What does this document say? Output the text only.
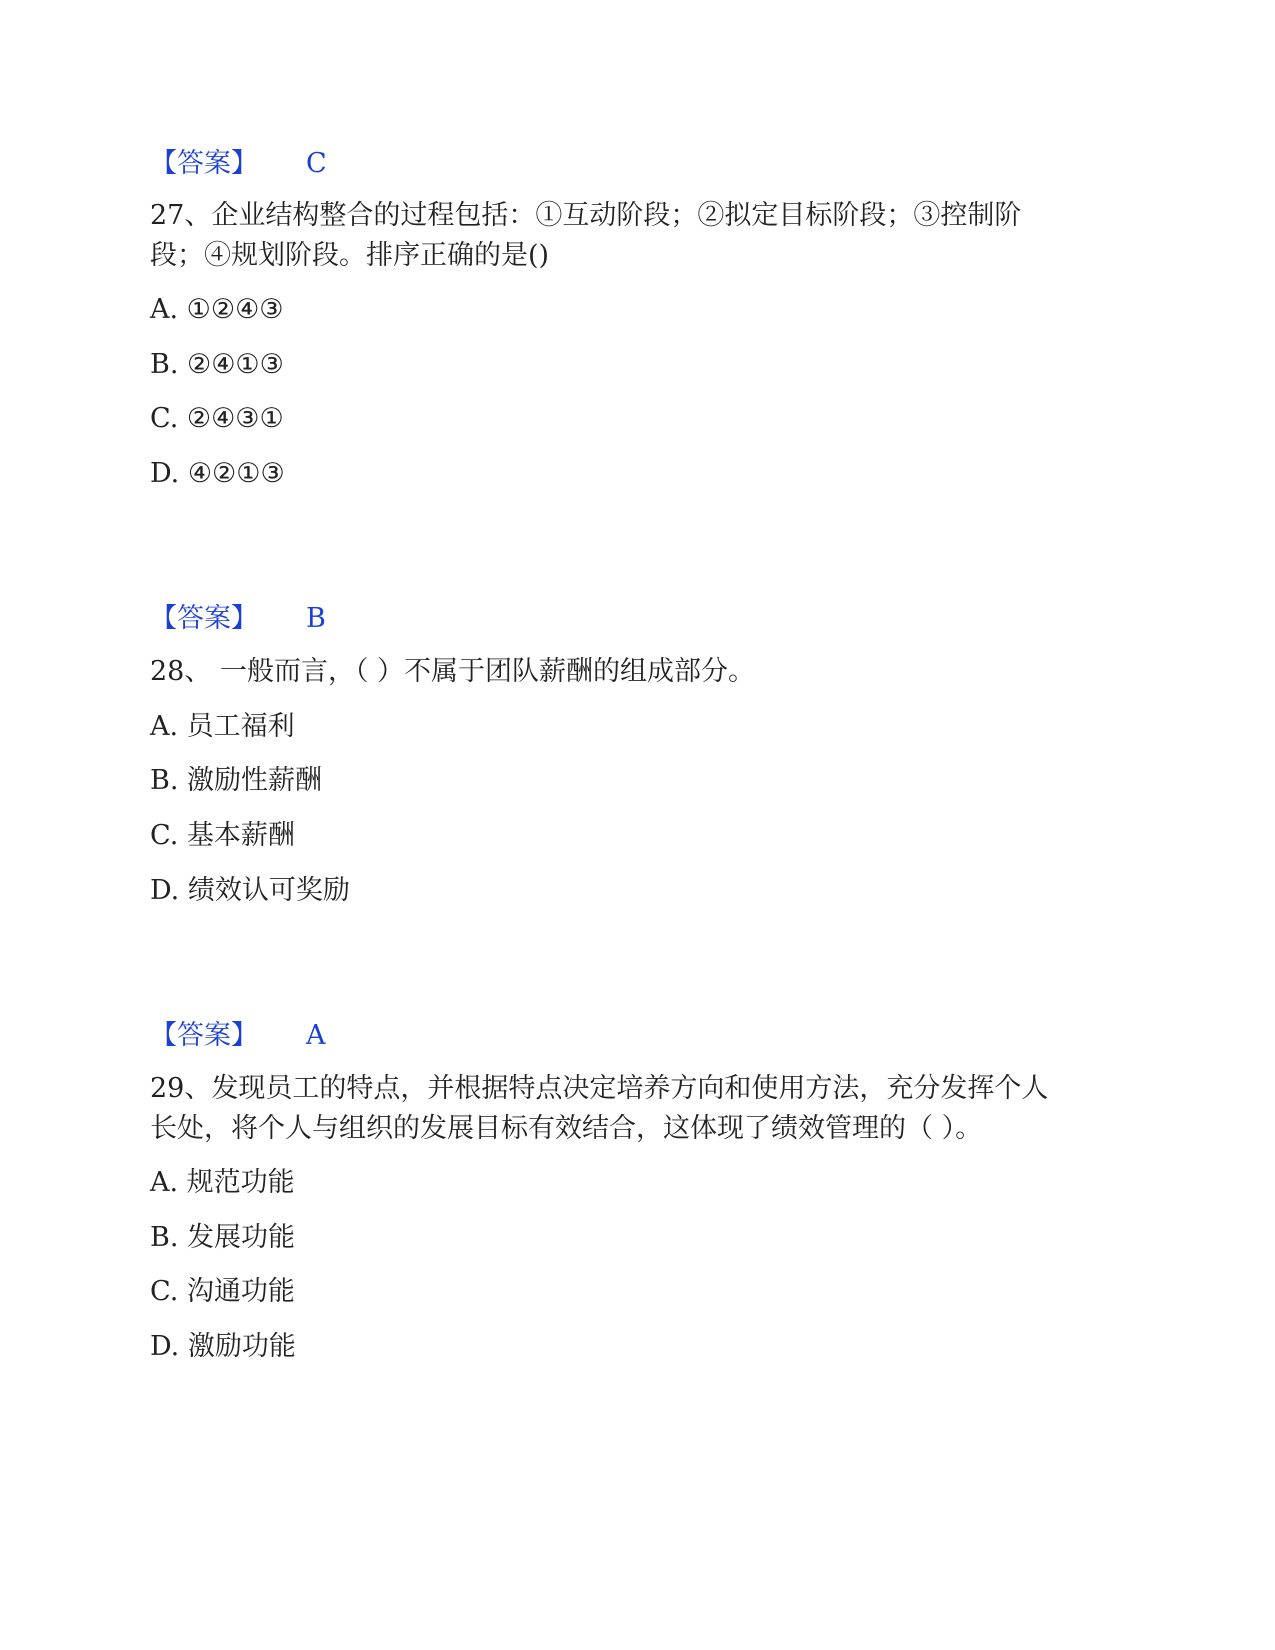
【答案】 C
27、企业结构整合的过程包括：①互动阶段；②拟定目标阶段；③控制阶
段；④规划阶段。排序正确的是()
A. ①②④③
B. ②④①③
C. ②④③①
D. ④②①③
【答案】 B
28、 一般而言，（ ）不属于团队薪酬的组成部分。
A. 员工福利
B. 激励性薪酬
C. 基本薪酬
D. 绩效认可奖励
【答案】 A
29、发现员工的特点，并根据特点决定培养方向和使用方法，充分发挥个人
长处，将个人与组织的发展目标有效结合，这体现了绩效管理的（ ）。
A. 规范功能
B. 发展功能
C. 沟通功能
D. 激励功能
